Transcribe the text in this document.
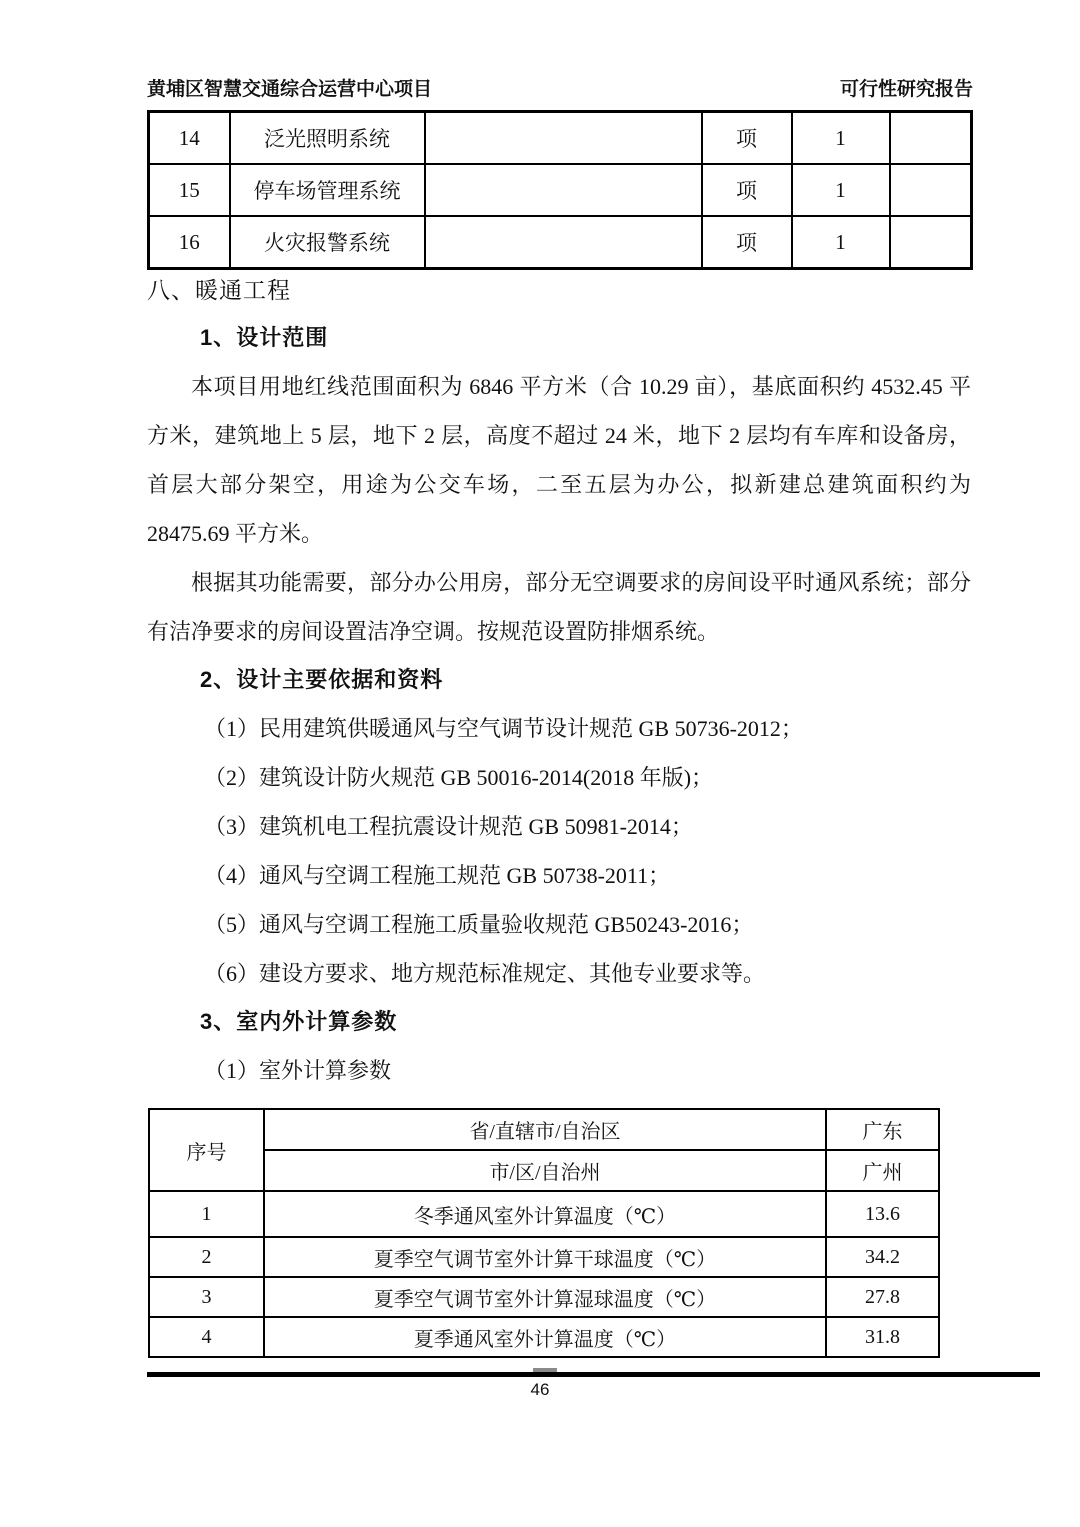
黄埔区智慧交通综合运营中心项目	可行性研究报告
14	泛光照明系统		项	1	
15	停车场管理系统		项	1	
16	火灾报警系统		项	1	
八、暖通工程
1、设计范围

本项目用地红线范围面积为 6846 平方米（合 10.29 亩），基底面积约 4532.45 平方米，建筑地上 5 层，地下 2 层，高度不超过 24 米，地下 2 层均有车库和设备房，首层大部分架空，用途为公交车场，二至五层为办公，拟新建总建筑面积约为 28475.69 平方米。

根据其功能需要，部分办公用房，部分无空调要求的房间设平时通风系统；部分有洁净要求的房间设置洁净空调。按规范设置防排烟系统。

2、设计主要依据和资料
（1）民用建筑供暖通风与空气调节设计规范 GB 50736-2012；
（2）建筑设计防火规范 GB 50016-2014(2018 年版)；
（3）建筑机电工程抗震设计规范 GB 50981-2014；
（4）通风与空调工程施工规范 GB 50738-2011；
（5）通风与空调工程施工质量验收规范 GB50243-2016；
（6）建设方要求、地方规范标准规定、其他专业要求等。
3、室内外计算参数
（1）室外计算参数
序号	省/直辖市/自治区	广东
	市/区/自治州	广州
1	冬季通风室外计算温度（℃）	13.6
2	夏季空气调节室外计算干球温度（℃）	34.2
3	夏季空气调节室外计算湿球温度（℃）	27.8
4	夏季通风室外计算温度（℃）	31.8
46
